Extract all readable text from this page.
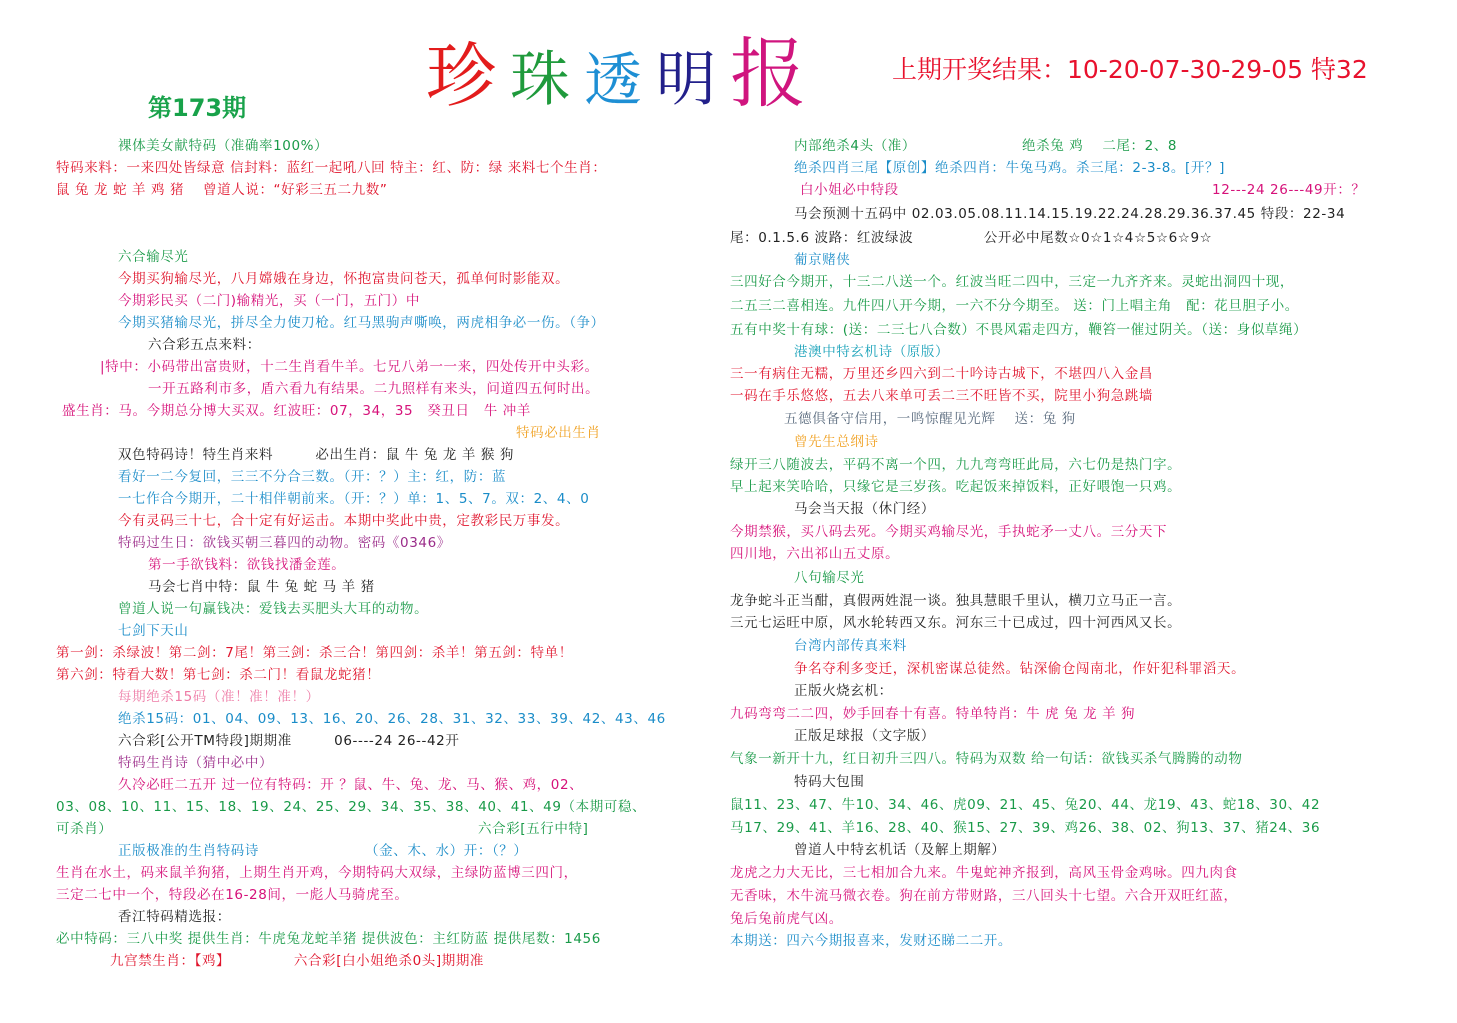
珍 珠 透 明 报	上期开奖结果：10-20-07-30-29-05 特32
第173期
裸体美女献特码（准确率100%）
特码来料：一来四处皆绿意 信封料：蓝红一起吼八回 特主：红、防：绿 来料七个生肖：
鼠 兔 龙 蛇 羊 鸡 猪　 曾道人说：“好彩三五二九数”
六合输尽光
今期买狗输尽光，八月嫦娥在身边，怀抱富贵问苍天，孤单何时影能双。
今期彩民买（二门)输精光，买（一门，五门）中
今期买猪输尽光，拼尽全力使刀枪。红马黑驹声嘶唤，两虎相争必一伤。（争）
六合彩五点来料：
|特中：小码带出富贵财，十二生肖看牛羊。七兄八弟一一来，四处传开中头彩。
一开五路利市多，盾六看九有结果。二九照样有来头，问道四五何时出。
盛生肖：马。今期总分博大买双。红波旺：07，34，35　癸丑日　牛 冲羊
特码必出生肖
双色特码诗！特生肖来料　　　必出生肖：鼠 牛 兔 龙 羊 猴 狗
看好一二今复回，三三不分合三数。（开：？）主：红，防：蓝
一七作合今期开，二十相伴朝前来。（开：？）单：1、5、7。双：2、4、0
今有灵码三十七，合十定有好运击。本期中奖此中贵，定教彩民万事发。
特码过生日：欲钱买朝三暮四的动物。密码《0346》
第一手欲钱料：欲钱找潘金莲。
马会七肖中特：鼠 牛 兔 蛇 马 羊 猪
曾道人说一句赢钱决：爱钱去买肥头大耳的动物。
七剑下天山
第一剑：杀绿波！第二剑：7尾！第三剑：杀三合！第四剑：杀羊！第五剑：特单！
第六剑：特看大数！第七剑：杀二门！看鼠龙蛇猪！
每期绝杀15码（准！准！准！）
绝杀15码：01、04、09、13、16、20、26、28、31、32、33、39、42、43、46
六合彩[公开TM特段]期期准　　　06----24 26--42开
特码生肖诗（猜中必中）
久冷必旺二五开 过一位有特码：开 ？鼠、牛、兔、龙、马、猴、鸡，02、
03、08、10、11、15、18、19、24、25、29、34、35、38、40、41、49（本期可稳、
可杀肖）	六合彩[五行中特]
正版极准的生肖特码诗　　　　　　　　（金、木、水）开：（？）
生肖在水土，码来鼠羊狗猪，上期生肖开鸡，今期特码大双绿，主绿防蓝博三四门，
三定二七中一个，特段必在16-28间，一彪人马骑虎至。
香江特码精选报：
必中特码：三八中奖 提供生肖：牛虎兔龙蛇羊猪 提供波色：主红防蓝 提供尾数：1456
九宫禁生肖：【鸡】　　　　　六合彩[白小姐绝杀0头]期期准
内部绝杀4头（准）　　　　　　　　绝杀兔 鸡　 二尾：2、8
绝杀四肖三尾【原创】绝杀四肖：牛兔马鸡。杀三尾：2-3-8。[开？]
白小姐必中特段	12---24 26---49开：？
马会预测十五码中 02.03.05.08.11.14.15.19.22.24.28.29.36.37.45 特段：22-34
尾：0.1.5.6 波路：红波绿波　　　　　公开必中尾数☆0☆1☆4☆5☆6☆9☆
葡京赌侠
三四好合今期开，十三二八送一个。红波当旺二四中，三定一九齐齐来。灵蛇出洞四十现，
二五三二喜相连。九件四八开今期，一六不分今期至。 送：门上唱主角　配：花旦胆子小。
五有中奖十有球：(送：二三七八合数）不畏风霜走四方，鞭笞一催过阴关。（送：身似草绳）
港澳中特玄机诗（原版）
三一有病住无糯，万里还乡四六到二十吟诗古城下，不堪四八入金昌
一码在手乐悠悠，五去八来单可丢二三不旺皆不买，院里小狗急跳墙
五德俱备守信用，一鸣惊醒见光辉　 送：兔 狗
曾先生总纲诗
绿开三八随波去，平码不离一个四，九九弯弯旺此局，六七仍是热门字。
早上起来笑哈哈，只缘它是三岁孩。吃起饭来掉饭料，正好喂饱一只鸡。
马会当天报（休门经）
今期禁猴，买八码去死。今期买鸡输尽光，手执蛇矛一丈八。三分天下
四川地，六出祁山五丈原。
八句输尽光
龙争蛇斗正当酣，真假两姓混一谈。独具慧眼千里认，横刀立马正一言。
三元七运旺中原，风水轮转西又东。河东三十已成过，四十河西风又长。
台湾内部传真来料
争名夺利多变迁，深机密谋总徒然。钻深偷仓闯南北，作奸犯科罪滔天。
正版火烧玄机：
九码弯弯二二四，妙手回春十有喜。特单特肖：牛 虎 兔 龙 羊 狗
正版足球报（文字版）
气象一新开十九，红日初升三四八。特码为双数 给一句话：欲钱买杀气腾腾的动物
特码大包围
鼠11、23、47、牛10、34、46、虎09、21、45、兔20、44、龙19、43、蛇18、30、42
马17、29、41、羊16、28、40、猴15、27、39、鸡26、38、02、狗13、37、猪24、36
曾道人中特玄机话（及解上期解）
龙虎之力大无比，三七相加合九来。牛鬼蛇神齐报到，高风玉骨金鸡咏。四九肉食
无香味，木牛流马微衣卷。狗在前方带财路，三八回头十七望。六合开双旺红蓝，
兔后兔前虎气凶。
本期送：四六今期报喜来，发财还睇二二开。
